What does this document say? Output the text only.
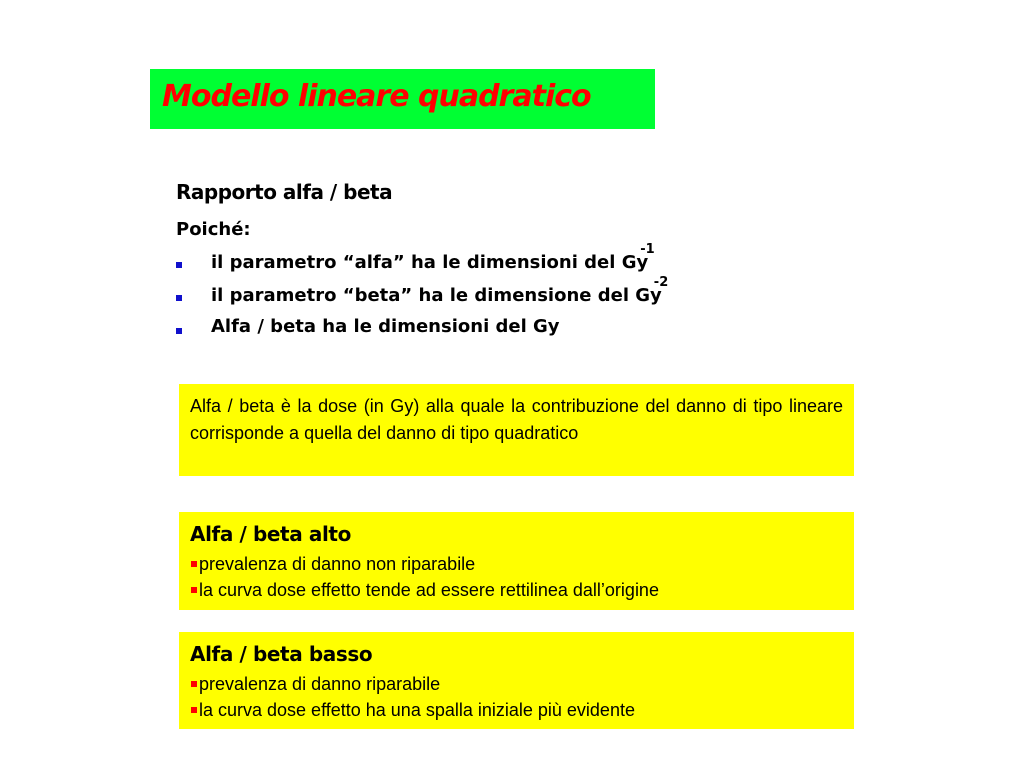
Modello lineare quadratico
Rapporto alfa / beta
Poiché:
il parametro “alfa” ha le dimensioni del $Gy^{-1}$
il parametro “beta” ha le dimensione del $Gy^{-2}$
Alfa / beta ha le dimensioni del Gy

Alfa / beta è la dose (in Gy) alla quale la contribuzione del danno di tipo lineare corrisponde a quella del danno di tipo quadratico

Alfa / beta alto
prevalenza di danno non riparabile
la curva dose effetto tende ad essere rettilinea dall’origine
Alfa / beta basso
prevalenza di danno riparabile
la curva dose effetto ha una spalla iniziale più evidente
